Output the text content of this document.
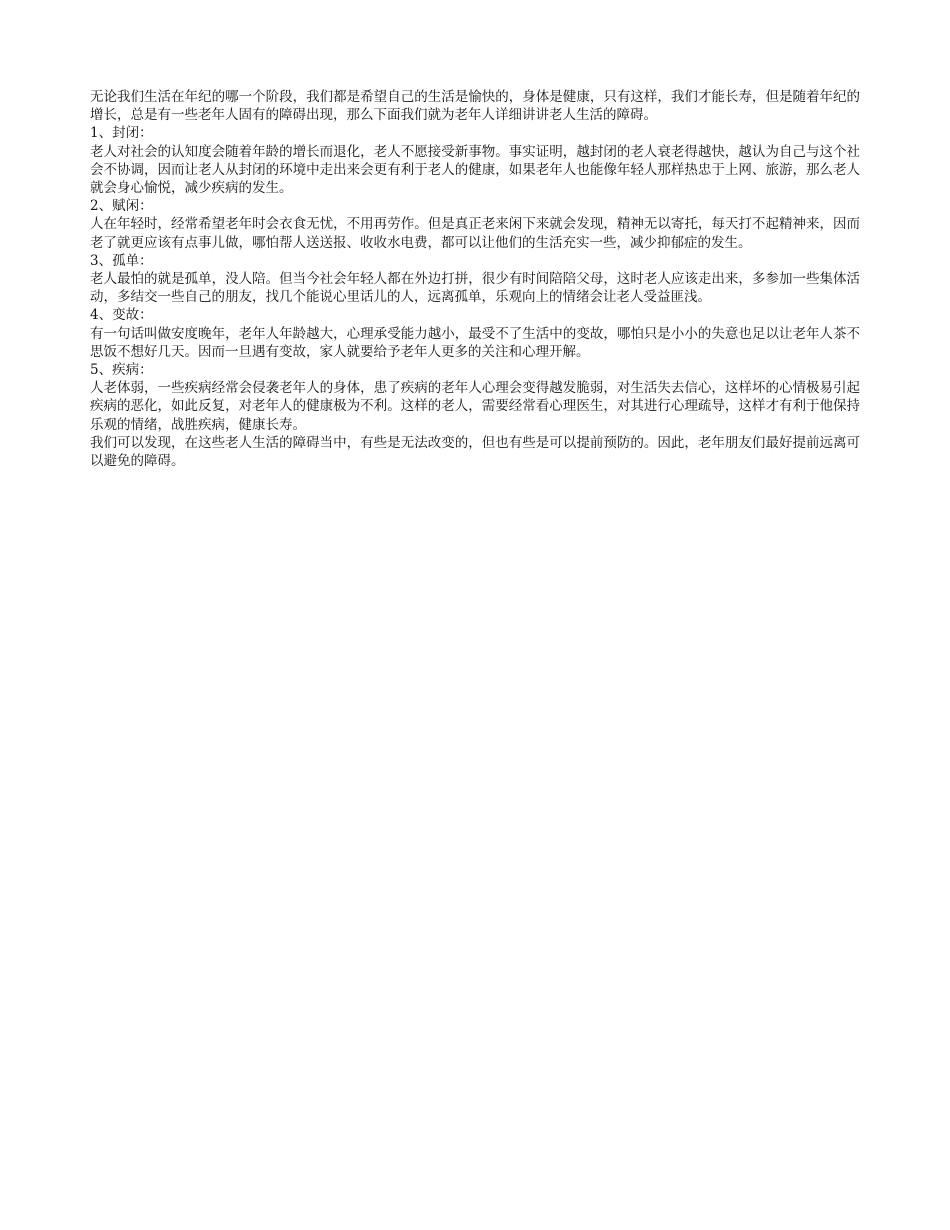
无论我们生活在年纪的哪一个阶段，我们都是希望自己的生活是愉快的，身体是健康，只有这样，我们才能长寿，但是随着年纪的增长，总是有一些老年人固有的障碍出现，那么下面我们就为老年人详细讲讲老人生活的障碍。

1、封闭：

老人对社会的认知度会随着年龄的增长而退化，老人不愿接受新事物。事实证明，越封闭的老人衰老得越快，越认为自己与这个社会不协调，因而让老人从封闭的环境中走出来会更有利于老人的健康，如果老年人也能像年轻人那样热忠于上网、旅游，那么老人就会身心愉悦，减少疾病的发生。

2、赋闲：

人在年轻时，经常希望老年时会衣食无忧，不用再劳作。但是真正老来闲下来就会发现，精神无以寄托，每天打不起精神来，因而老了就更应该有点事儿做，哪怕帮人送送报、收收水电费，都可以让他们的生活充实一些，减少抑郁症的发生。

3、孤单：

老人最怕的就是孤单，没人陪。但当今社会年轻人都在外边打拼，很少有时间陪陪父母，这时老人应该走出来，多参加一些集体活动，多结交一些自己的朋友，找几个能说心里话儿的人，远离孤单，乐观向上的情绪会让老人受益匪浅。

4、变故：

有一句话叫做安度晚年，老年人年龄越大，心理承受能力越小，最受不了生活中的变故，哪怕只是小小的失意也足以让老年人茶不思饭不想好几天。因而一旦遇有变故，家人就要给予老年人更多的关注和心理开解。

5、疾病：

人老体弱，一些疾病经常会侵袭老年人的身体，患了疾病的老年人心理会变得越发脆弱，对生活失去信心，这样坏的心情极易引起疾病的恶化，如此反复，对老年人的健康极为不利。这样的老人，需要经常看心理医生，对其进行心理疏导，这样才有利于他保持乐观的情绪，战胜疾病，健康长寿。

我们可以发现，在这些老人生活的障碍当中，有些是无法改变的，但也有些是可以提前预防的。因此，老年朋友们最好提前远离可以避免的障碍。
